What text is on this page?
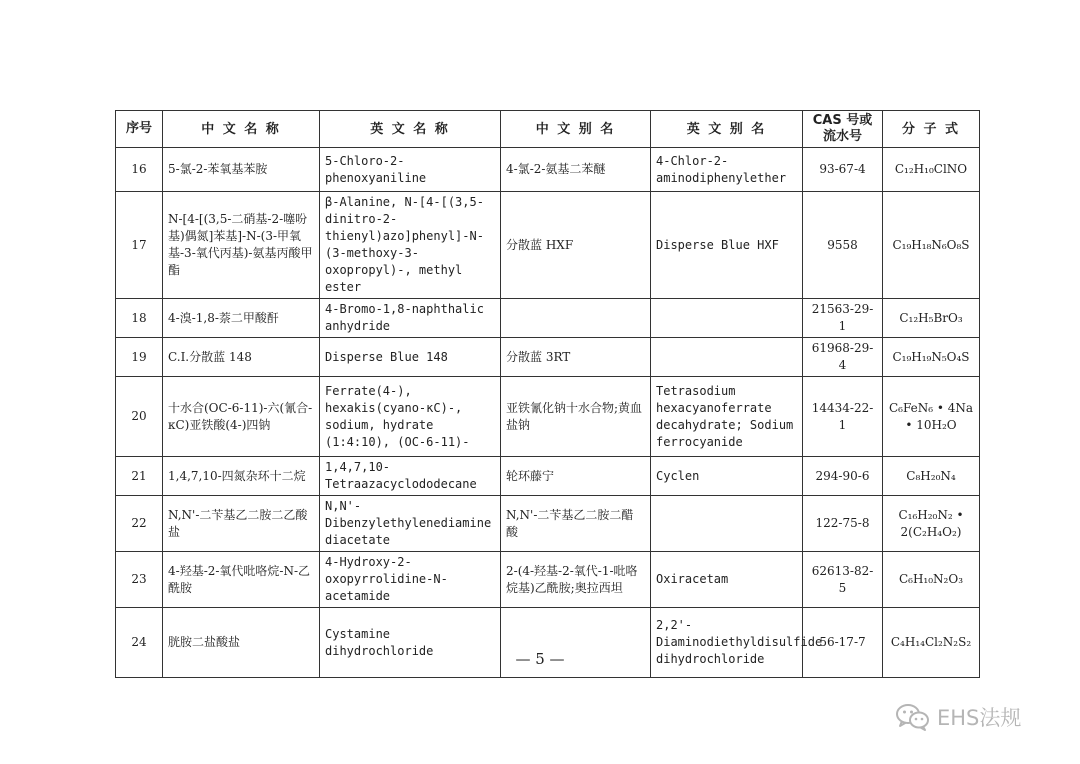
序号	中 文 名 称	英 文 名 称	中 文 别 名	英 文 别 名	CAS 号或 流水号	分 子 式
16	5-氯-2-苯氧基苯胺	5-Chloro-2-phenoxyaniline	4-氯-2-氨基二苯醚	4-Chlor-2-aminodiphenylether	93-67-4	C₁₂H₁₀ClNO
17	N-[4-[(3,5-二硝基-2-噻吩基)偶氮]苯基]-N-(3-甲氧基-3-氧代丙基)-氨基丙酸甲酯	β-Alanine, N-[4-[(3,5-dinitro-2-thienyl)azo]phenyl]-N-(3-methoxy-3-oxopropyl)-, methyl ester	分散蓝 HXF	Disperse Blue HXF	9558	C₁₉H₁₈N₆O₈S
18	4-溴-1,8-萘二甲酸酐	4-Bromo-1,8-naphthalic anhydride			21563-29-1	C₁₂H₅BrO₃
19	C.I.分散蓝 148	Disperse Blue 148	分散蓝 3RT		61968-29-4	C₁₉H₁₉N₅O₄S
20	十水合(OC-6-11)-六(氰合-κC)亚铁酸(4-)四钠	Ferrate(4-), hexakis(cyano-κC)-, sodium, hydrate (1:4:10), (OC-6-11)-	亚铁氰化钠十水合物;黄血盐钠	Tetrasodium hexacyanoferrate decahydrate; Sodium ferrocyanide	14434-22-1	C₆FeN₆ • 4Na • 10H₂O
21	1,4,7,10-四氮杂环十二烷	1,4,7,10-Tetraazacyclododecane	轮环藤宁	Cyclen	294-90-6	C₈H₂₀N₄
22	N,N'-二苄基乙二胺二乙酸盐	N,N'-Dibenzylethylenediamine diacetate	N,N'-二苄基乙二胺二醋酸		122-75-8	C₁₆H₂₀N₂ • 2(C₂H₄O₂)
23	4-羟基-2-氧代吡咯烷-N-乙酰胺	4-Hydroxy-2-oxopyrrolidine-N-acetamide	2-(4-羟基-2-氧代-1-吡咯烷基)乙酰胺;奥拉西坦	Oxiracetam	62613-82-5	C₆H₁₀N₂O₃
24	胱胺二盐酸盐	Cystamine dihydrochloride		2,2'-Diaminodiethyldisulfide dihydrochloride	56-17-7	C₄H₁₄Cl₂N₂S₂
— 5 —
EHS法规
